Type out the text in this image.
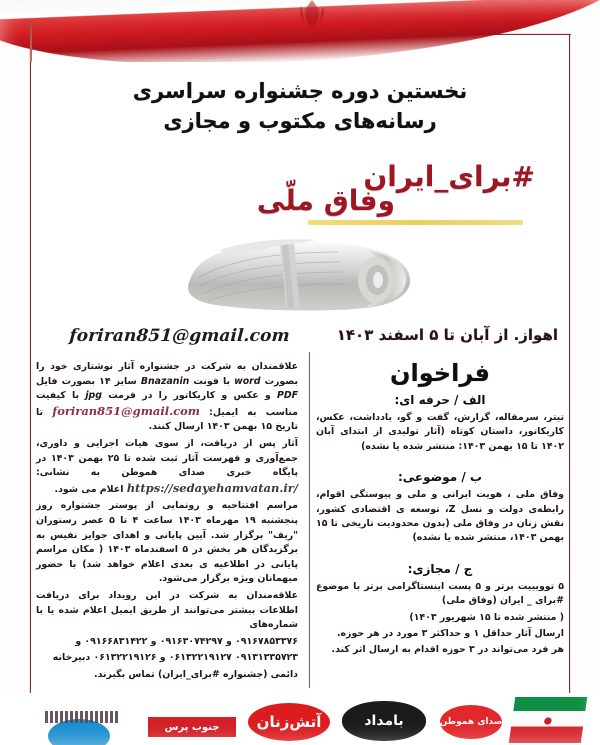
نخستین دوره جشنواره سراسری
رسانه‌های مکتوب و مجازی
#برای_ایران
وفاق ملّی
foriran851@gmail.com	اهواز. از آبان تا ۵ اسفند ۱۴۰۳

علاقمندان به شرکت در جشنواره آثار نوشتاری خود را بصورت word با فونت Bnazanin سایز ۱۴ بصورت فایل PDF و عکس و کاریکاتور را در فرمت jpg با کیفیت مناسب به ایمیل: foriran851@gmail.com تا تاریخ ۱۵ بهمن ۱۴۰۳ ارسال کنند.

آثار پس از دریافت، از سوی هیات اجرایی و داوری، جمع‌آوری و فهرست آثار ثبت شده تا ۲۵ بهمن ۱۴۰۳ در پایگاه خبری صدای هموطن به نشانی: https://sedayehamvatan.ir/ اعلام می شود.

مراسم افتتاحیه و رونمایی از پوستر جشنواره روز پنجشنبه ۱۹ مهرماه ۱۴۰۳ ساعت ۴ تا ۵ عصر رستوران "ریف" برگزار شد. آیین پایانی و اهدای جوایز نفیس به برگزیدگان هر بخش در ۵ اسفندماه ۱۴۰۳ ( مکان مراسم پایانی در اطلاعیه ی بعدی اعلام خواهد شد) با حضور میهمانان ویژه برگزار می‌شود.

علاقه‌مندان به شرکت در این رویداد برای دریافت اطلاعات بیشتر می‌توانند از طریق ایمیل اعلام شده یا با شماره‌های

۰۹۱۶۷۸۵۳۳۷۶ و ۰۹۱۶۳۰۷۴۲۹۷ و ۰۹۱۶۶۸۳۱۴۲۲ و

۰۹۱۳۱۳۳۵۷۲۳ ۰۶۱۳۲۲۱۹۱۲۷ و ۰۶۱۳۲۲۱۹۱۲۶ دبیرخانه

دائمی (جشنواره #برای_ایران) تماس بگیرند.

فراخوان
الف / حرفه ای:

تیتر، سرمقاله، گزارش، گفت و گو، یادداشت، عکس، کاریکاتور، داستان کوتاه (آثار تولیدی از ابتدای آبان ۱۴۰۲ تا ۱۵ بهمن ۱۴۰۳: منتشر شده یا نشده)

ب / موضوعی:

وفاق ملی ، هویت ایرانی و ملی و پیوستگی اقوام، رابطه‌ی دولت و نسل Z، توسعه ی اقتصادی کشور، نقش زنان در وفاق ملی (بدون محدودیت تاریخی تا ۱۵ بهمن ۱۴۰۳، منتشر شده یا نشده)

ج / مجازی:

۵ توویییت برتر و ۵ پست اینستاگرامی برتر با موضوع #برای _ ایران (وفاق ملی)

( منتشر شده تا ۱۵ شهریور ۱۴۰۳)

ارسال آثار حداقل ۱ و حداکثر ۳ مورد در هر حوزه.

هر فرد می‌تواند در ۳ حوزه اقدام به ارسال اثر کند.

جنوب پرس	آتش‌زنان	بامداد	صدای هموطن
